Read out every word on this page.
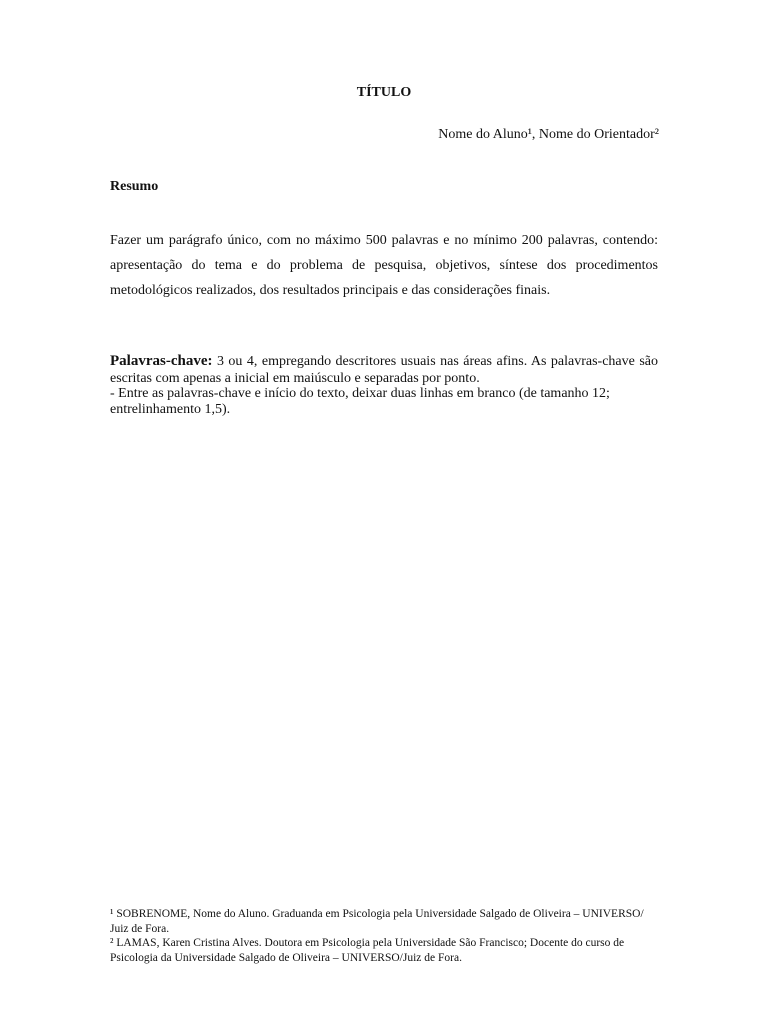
TÍTULO
Nome do Aluno¹, Nome do Orientador²
Resumo

Fazer um parágrafo único, com no máximo 500 palavras e no mínimo 200 palavras, contendo: apresentação do tema e do problema de pesquisa, objetivos, síntese dos procedimentos metodológicos realizados, dos resultados principais e das considerações finais.

Palavras-chave: 3 ou 4, empregando descritores usuais nas áreas afins. As palavras-chave são escritas com apenas a inicial em maiúsculo e separadas por ponto.

- Entre as palavras-chave e início do texto, deixar duas linhas em branco (de tamanho 12; entrelinhamento 1,5).

¹ SOBRENOME, Nome do Aluno. Graduanda em Psicologia pela Universidade Salgado de Oliveira – UNIVERSO/ Juiz de Fora.

² LAMAS, Karen Cristina Alves. Doutora em Psicologia pela Universidade São Francisco; Docente do curso de Psicologia da Universidade Salgado de Oliveira – UNIVERSO/Juiz de Fora.
